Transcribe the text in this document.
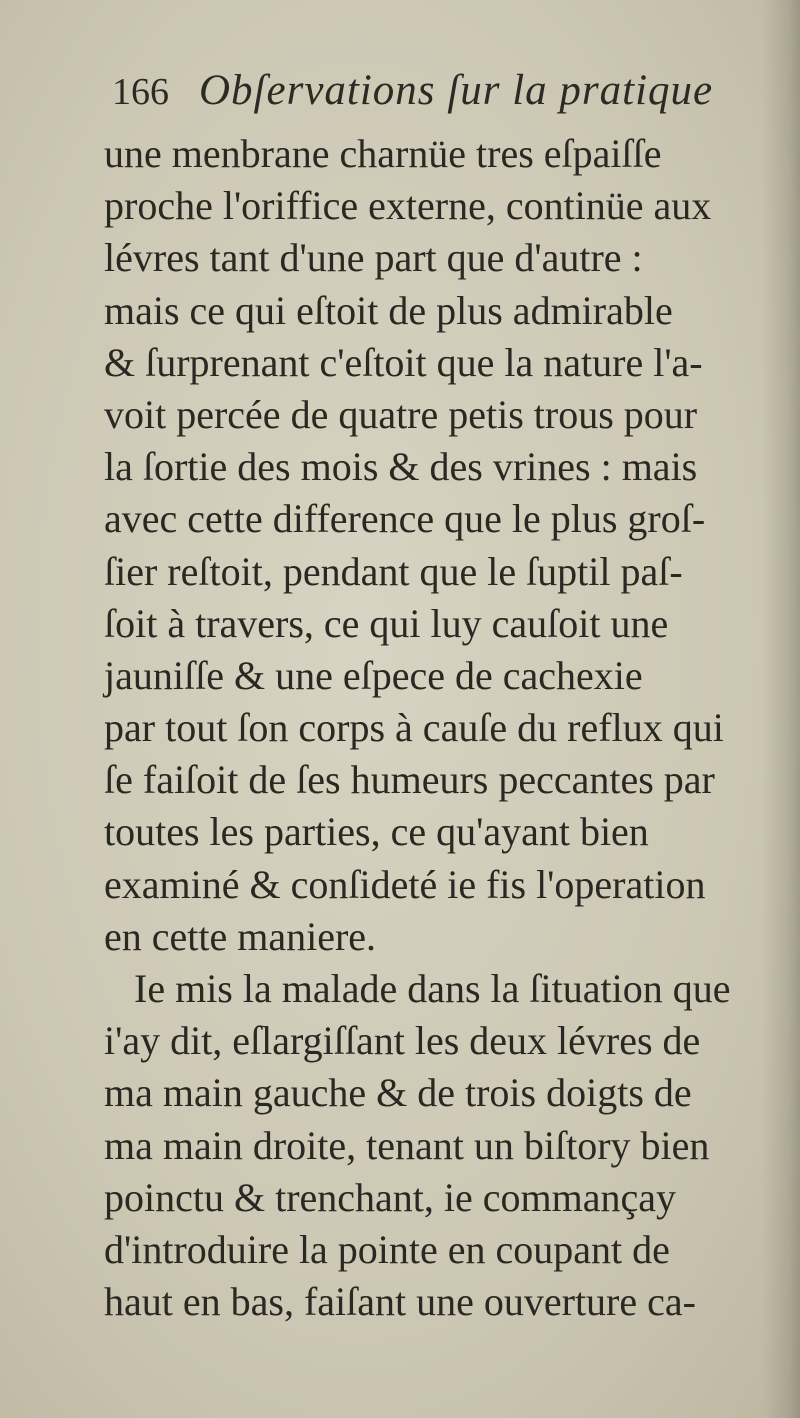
166 Obſervations ſur la pratique
une menbrane charnüe tres eſpaiſſe
proche l'oriffice externe, continüe aux
lévres tant d'une part que d'autre :
mais ce qui eſtoit de plus admirable
& ſurprenant c'eſtoit que la nature l'a-
voit percée de quatre petis trous pour
la ſortie des mois & des vrines : mais
avec cette difference que le plus groſ-
ſier reſtoit, pendant que le ſuptil paſ-
ſoit à travers, ce qui luy cauſoit une
jauniſſe & une eſpece de cachexie
par tout ſon corps à cauſe du reflux qui
ſe faiſoit de ſes humeurs peccantes par
toutes les parties, ce qu'ayant bien
examiné & conſideté ie fis l'operation
en cette maniere.
Ie mis la malade dans la ſituation que
i'ay dit, eſlargiſſant les deux lévres de
ma main gauche & de trois doigts de
ma main droite, tenant un biſtory bien
poinctu & trenchant, ie commançay
d'introduire la pointe en coupant de
haut en bas, faiſant une ouverture ca-
